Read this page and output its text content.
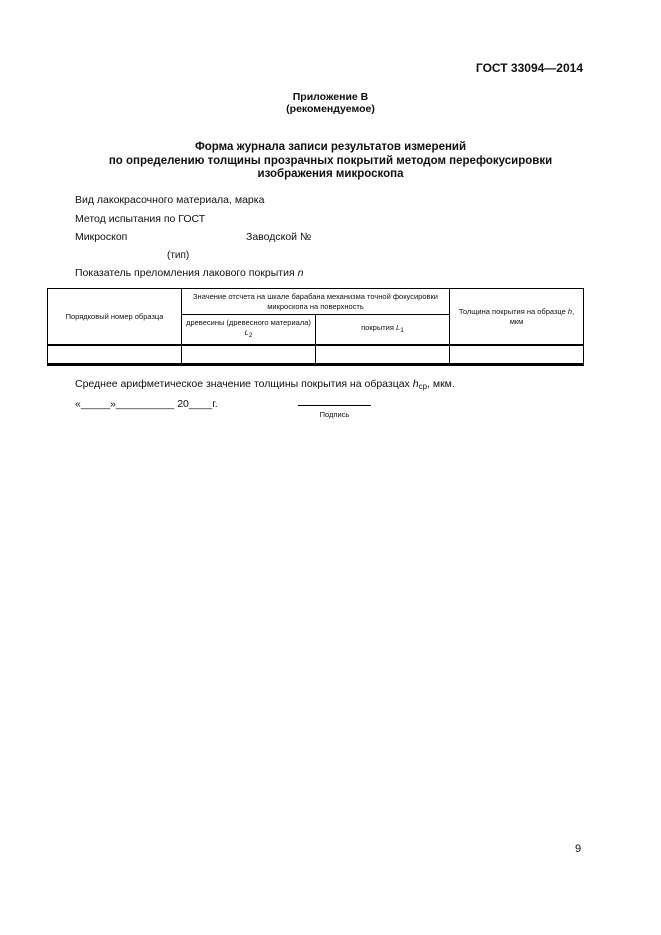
ГОСТ 33094—2014
Приложение В
(рекомендуемое)
Форма журнала записи результатов измерений
по определению толщины прозрачных покрытий методом перефокусировки
изображения микроскопа
Вид лакокрасочного материала, марка
Метод испытания по ГОСТ
Микроскоп	Заводской №
(тип)
Показатель преломления лакового покрытия n
Порядковый номер образца	Значение отсчета на шкале барабана механизма точной фокусировки микроскопа на поверхность		Толщина покрытия на образце h, мкм
	древесины (древесного материала) L2	покрытия L1	

Среднее арифметическое значение толщины покрытия на образцах $h_{ср}$, мкм.
«_____»__________ 20____г.
Подпись
9
